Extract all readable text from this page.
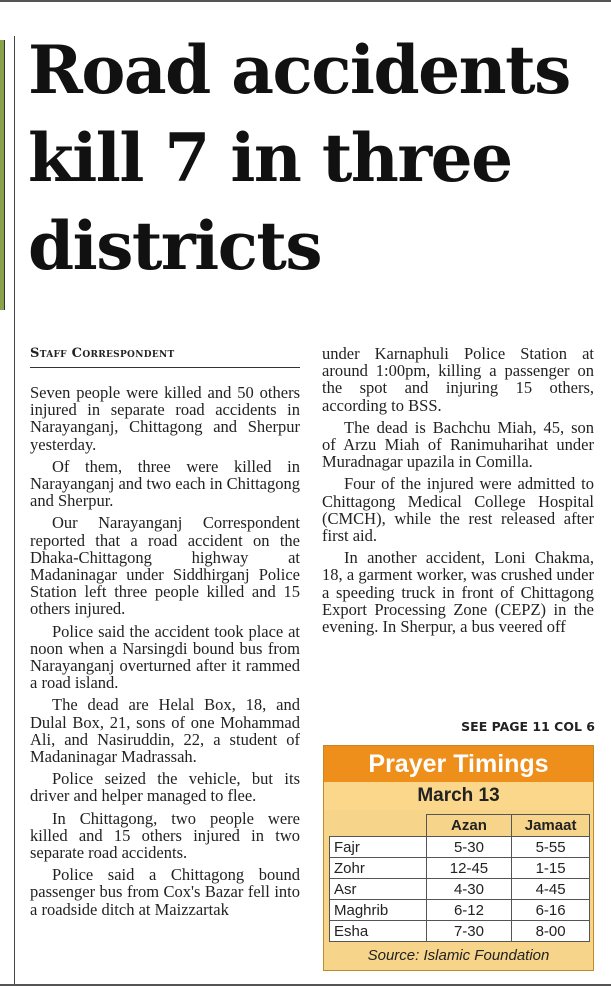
Road accidents kill 7 in three districts
Staff Correspondent

Seven people were killed and 50 others injured in separate road accidents in Narayanganj, Chittagong and Sherpur yesterday.

Of them, three were killed in Narayanganj and two each in Chittagong and Sherpur.

Our Narayanganj Correspondent reported that a road accident on the Dhaka-Chittagong highway at Madaninagar under Siddhirganj Police Station left three people killed and 15 others injured.

Police said the accident took place at noon when a Narsingdi bound bus from Narayanganj overturned after it rammed a road island.

The dead are Helal Box, 18, and Dulal Box, 21, sons of one Mohammad Ali, and Nasiruddin, 22, a student of Madaninagar Madrassah.

Police seized the vehicle, but its driver and helper managed to flee.

In Chittagong, two people were killed and 15 others injured in two separate road accidents.

Police said a Chittagong bound passenger bus from Cox's Bazar fell into a roadside ditch at Maizzartak

under Karnaphuli Police Station at around 1:00pm, killing a passenger on the spot and injuring 15 others, according to BSS.

The dead is Bachchu Miah, 45, son of Arzu Miah of Ranimuharihat under Muradnagar upazila in Comilla.

Four of the injured were admitted to Chittagong Medical College Hospital (CMCH), while the rest released after first aid.

In another accident, Loni Chakma, 18, a garment worker, was crushed under a speeding truck in front of Chittagong Export Processing Zone (CEPZ) in the evening. In Sherpur, a bus veered off

SEE PAGE 11 COL 6
Prayer Timings
March 13
	Azan	Jamaat
Fajr	5-30	5-55
Zohr	12-45	1-15
Asr	4-30	4-45
Maghrib	6-12	6-16
Esha	7-30	8-00
Source: Islamic Foundation
